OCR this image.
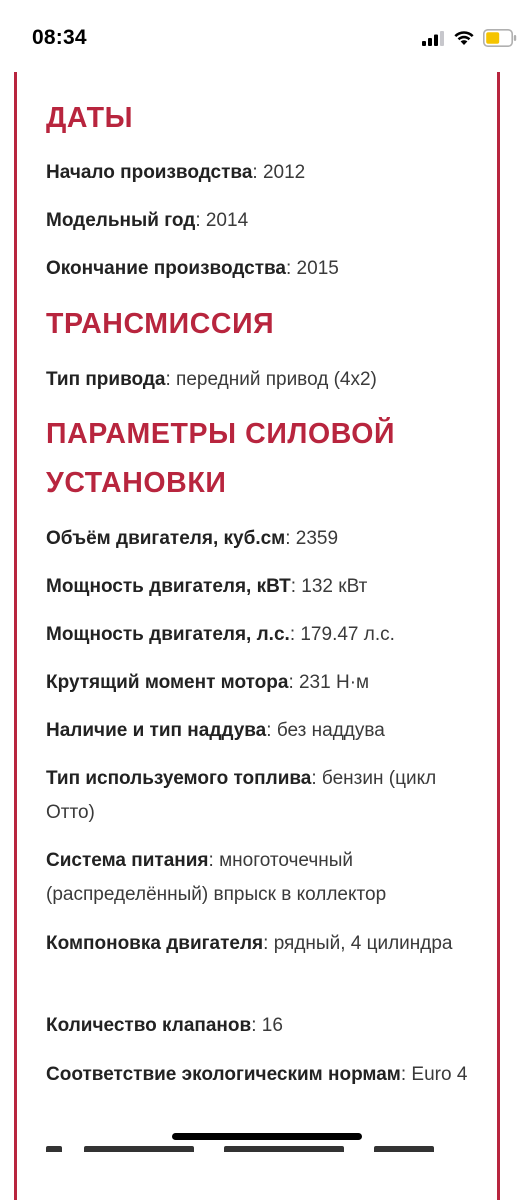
08:34
ДАТЫ

Начало производства: 2012

Модельный год: 2014

Окончание производства: 2015

ТРАНСМИССИЯ

Тип привода: передний привод (4x2)

ПАРАМЕТРЫ СИЛОВОЙ
УСТАНОВКИ

Объём двигателя, куб.см: 2359

Мощность двигателя, кВТ: 132 кВт

Мощность двигателя, л.с.: 179.47 л.с.

Крутящий момент мотора: 231 Н·м

Наличие и тип наддува: без наддува

Тип используемого топлива: бензин (цикл Отто)

Система питания: многоточечный (распределённый) впрыск в коллектор

Компоновка двигателя: рядный, 4 цилиндра

Количество клапанов: 16

Соответствие экологическим нормам: Euro 4
